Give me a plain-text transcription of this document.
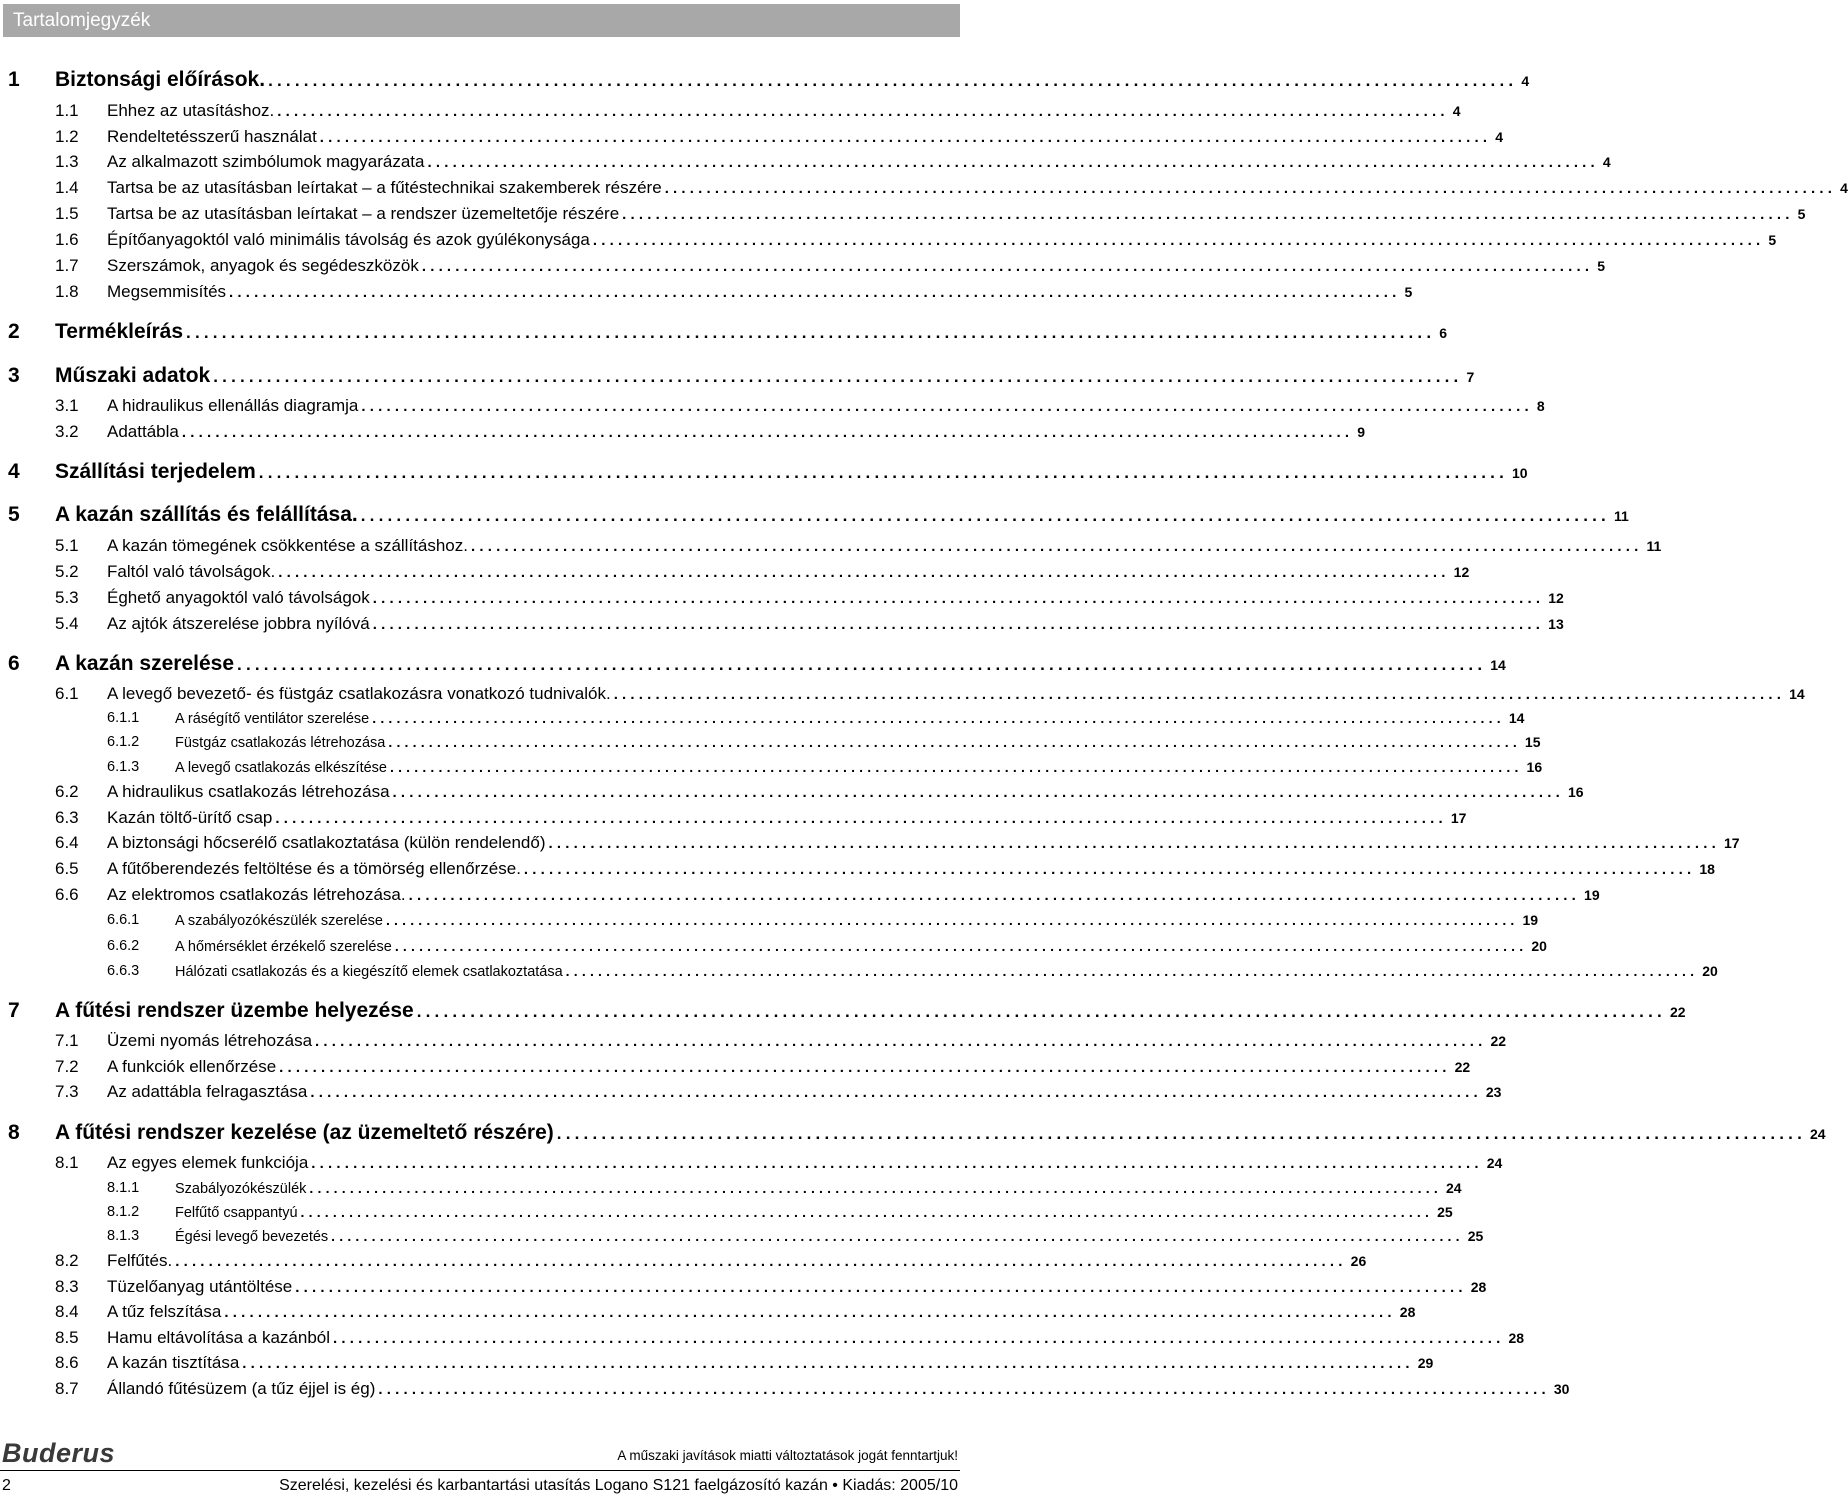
Tartalomjegyzék
1 Biztonsági előírások. ............................................................................................................................................ 4
1.1 Ehhez az utasításhoz. ............................................................................................................................................ 4
1.2 Rendeltetésszerű használat ............................................................................................................................................ 4
1.3 Az alkalmazott szimbólumok magyarázata ............................................................................................................................................ 4
1.4 Tartsa be az utasításban leírtakat – a fűtéstechnikai szakemberek részére ............................................................................................................................................ 4
1.5 Tartsa be az utasításban leírtakat – a rendszer üzemeltetője részére ............................................................................................................................................ 5
1.6 Építőanyagoktól való minimális távolság és azok gyúlékonysága ............................................................................................................................................ 5
1.7 Szerszámok, anyagok és segédeszközök ............................................................................................................................................ 5
1.8 Megsemmisítés ............................................................................................................................................ 5
2 Termékleírás ............................................................................................................................................ 6
3 Műszaki adatok ............................................................................................................................................ 7
3.1 A hidraulikus ellenállás diagramja ............................................................................................................................................ 8
3.2 Adattábla ............................................................................................................................................ 9
4 Szállítási terjedelem ............................................................................................................................................ 10
5 A kazán szállítás és felállítása. ............................................................................................................................................ 11
5.1 A kazán tömegének csökkentése a szállításhoz. ............................................................................................................................................ 11
5.2 Faltól való távolságok. ............................................................................................................................................ 12
5.3 Éghető anyagoktól való távolságok ............................................................................................................................................ 12
5.4 Az ajtók átszerelése jobbra nyílóvá ............................................................................................................................................ 13
6 A kazán szerelése ............................................................................................................................................ 14
6.1 A levegő bevezető- és füstgáz csatlakozásra vonatkozó tudnivalók. ............................................................................................................................................ 14
6.1.1 A ráségítő ventilátor szerelése ............................................................................................................................................ 14
6.1.2 Füstgáz csatlakozás létrehozása ............................................................................................................................................ 15
6.1.3 A levegő csatlakozás elkészítése ............................................................................................................................................ 16
6.2 A hidraulikus csatlakozás létrehozása ............................................................................................................................................ 16
6.3 Kazán töltő-ürítő csap ............................................................................................................................................ 17
6.4 A biztonsági hőcserélő csatlakoztatása (külön rendelendő) ............................................................................................................................................ 17
6.5 A fűtőberendezés feltöltése és a tömörség ellenőrzése. ............................................................................................................................................ 18
6.6 Az elektromos csatlakozás létrehozása. ............................................................................................................................................ 19
6.6.1 A szabályozókészülék szerelése ............................................................................................................................................ 19
6.6.2 A hőmérséklet érzékelő szerelése ............................................................................................................................................ 20
6.6.3 Hálózati csatlakozás és a kiegészítő elemek csatlakoztatása ............................................................................................................................................ 20
7 A fűtési rendszer üzembe helyezése ............................................................................................................................................ 22
7.1 Üzemi nyomás létrehozása ............................................................................................................................................ 22
7.2 A funkciók ellenőrzése ............................................................................................................................................ 22
7.3 Az adattábla felragasztása ............................................................................................................................................ 23
8 A fűtési rendszer kezelése (az üzemeltető részére) ............................................................................................................................................ 24
8.1 Az egyes elemek funkciója ............................................................................................................................................ 24
8.1.1 Szabályozókészülék ............................................................................................................................................ 24
8.1.2 Felfűtő csappantyú ............................................................................................................................................ 25
8.1.3 Égési levegő bevezetés ............................................................................................................................................ 25
8.2 Felfűtés. ............................................................................................................................................ 26
8.3 Tüzelőanyag utántöltése ............................................................................................................................................ 28
8.4 A tűz felszítása ............................................................................................................................................ 28
8.5 Hamu eltávolítása a kazánból ............................................................................................................................................ 28
8.6 A kazán tisztítása ............................................................................................................................................ 29
8.7 Állandó fűtésüzem (a tűz éjjel is ég) ............................................................................................................................................ 30
Buderus	A műszaki javítások miatti változtatások jogát fenntartjuk!
2	Szerelési, kezelési és karbantartási utasítás Logano S121 faelgázosító kazán • Kiadás: 2005/10
